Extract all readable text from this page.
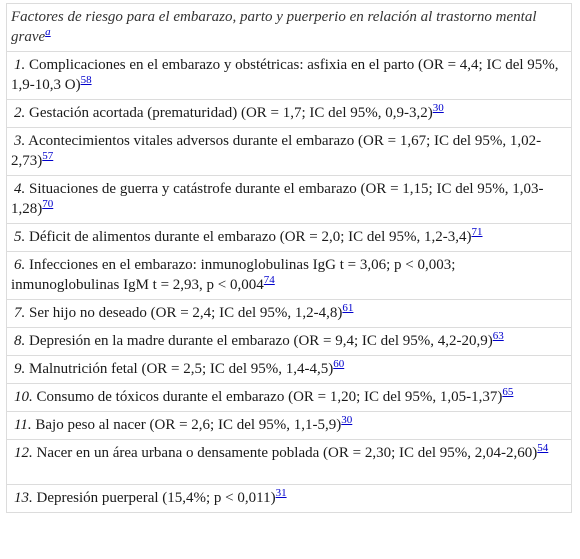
Factores de riesgo para el embarazo, parto y puerperio en relación al trastorno mental grave$^a$
1. Complicaciones en el embarazo y obstétricas: asfixia en el parto (OR = 4,4; IC del 95%, 1,9-10,3 O)$^{58}$
2. Gestación acortada (prematuridad) (OR = 1,7; IC del 95%, 0,9-3,2)$^{30}$
3. Acontecimientos vitales adversos durante el embarazo (OR = 1,67; IC del 95%, 1,02-2,73)$^{57}$
4. Situaciones de guerra y catástrofe durante el embarazo (OR = 1,15; IC del 95%, 1,03-1,28)$^{70}$
5. Déficit de alimentos durante el embarazo (OR = 2,0; IC del 95%, 1,2-3,4)$^{71}$
6. Infecciones en el embarazo: inmunoglobulinas IgG t = 3,06; p < 0,003; inmunoglobulinas IgM t = 2,93, p < 0,004$^{74}$
7. Ser hijo no deseado (OR = 2,4; IC del 95%, 1,2-4,8)$^{61}$
8. Depresión en la madre durante el embarazo (OR = 9,4; IC del 95%, 4,2-20,9)$^{63}$
9. Malnutrición fetal (OR = 2,5; IC del 95%, 1,4-4,5)$^{60}$
10. Consumo de tóxicos durante el embarazo (OR = 1,20; IC del 95%, 1,05-1,37)$^{65}$
11. Bajo peso al nacer (OR = 2,6; IC del 95%, 1,1-5,9)$^{30}$
12. Nacer en un área urbana o densamente poblada (OR = 2,30; IC del 95%, 2,04-2,60)$^{54}$
13. Depresión puerperal (15,4%; p < 0,011)$^{31}$
